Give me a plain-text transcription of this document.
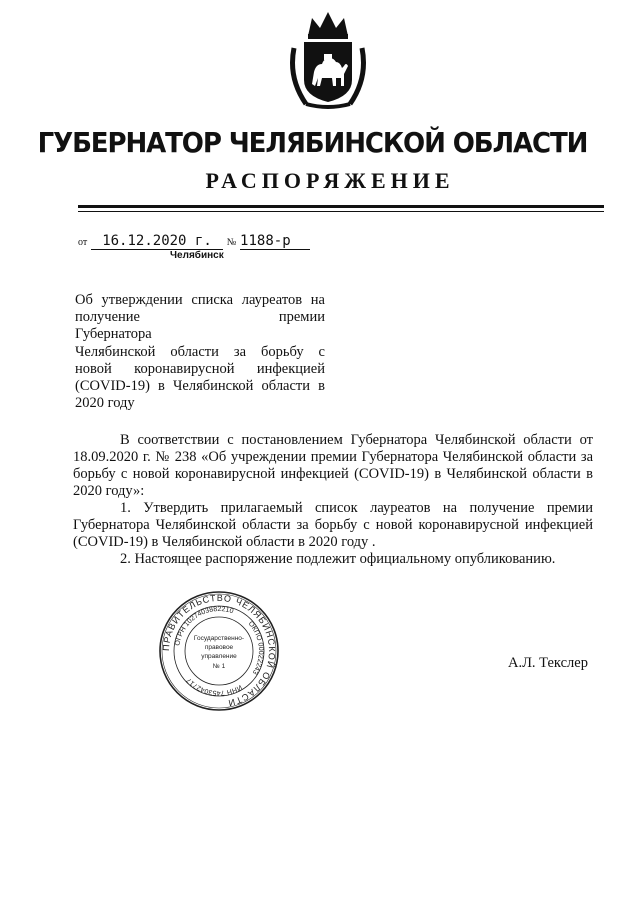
ГУБЕРНАТОР ЧЕЛЯБИНСКОЙ ОБЛАСТИ
РАСПОРЯЖЕНИЕ
от 16.12.2020 г. № 1188-р
Челябинск
Об утверждении списка лауреатов на
получение премии Губернатора
Челябинской области за борьбу с
новой коронавирусной инфекцией
(COVID-19) в Челябинской области в
2020 году

В соответствии с постановлением Губернатора Челябинской области от 18.09.2020 г. № 238 «Об учреждении премии Губернатора Челябинской области за борьбу с новой коронавирусной инфекцией (COVID-19) в Челябинской области в 2020 году»:

1. Утвердить прилагаемый список лауреатов на получение премии Губернатора Челябинской области за борьбу с новой коронавирусной инфекцией (COVID-19) в Челябинской области в 2020 году .

2. Настоящее распоряжение подлежит официальному опубликованию.

ПРАВИТЕЛЬСТВО ЧЕЛЯБИНСКОЙ ОБЛАСТИ
ОГРН 1027403882210
ОКПО 00022243
ИНН 7453042717
Государственно-
правовое
управление
№ 1	А.Л. Текслер
